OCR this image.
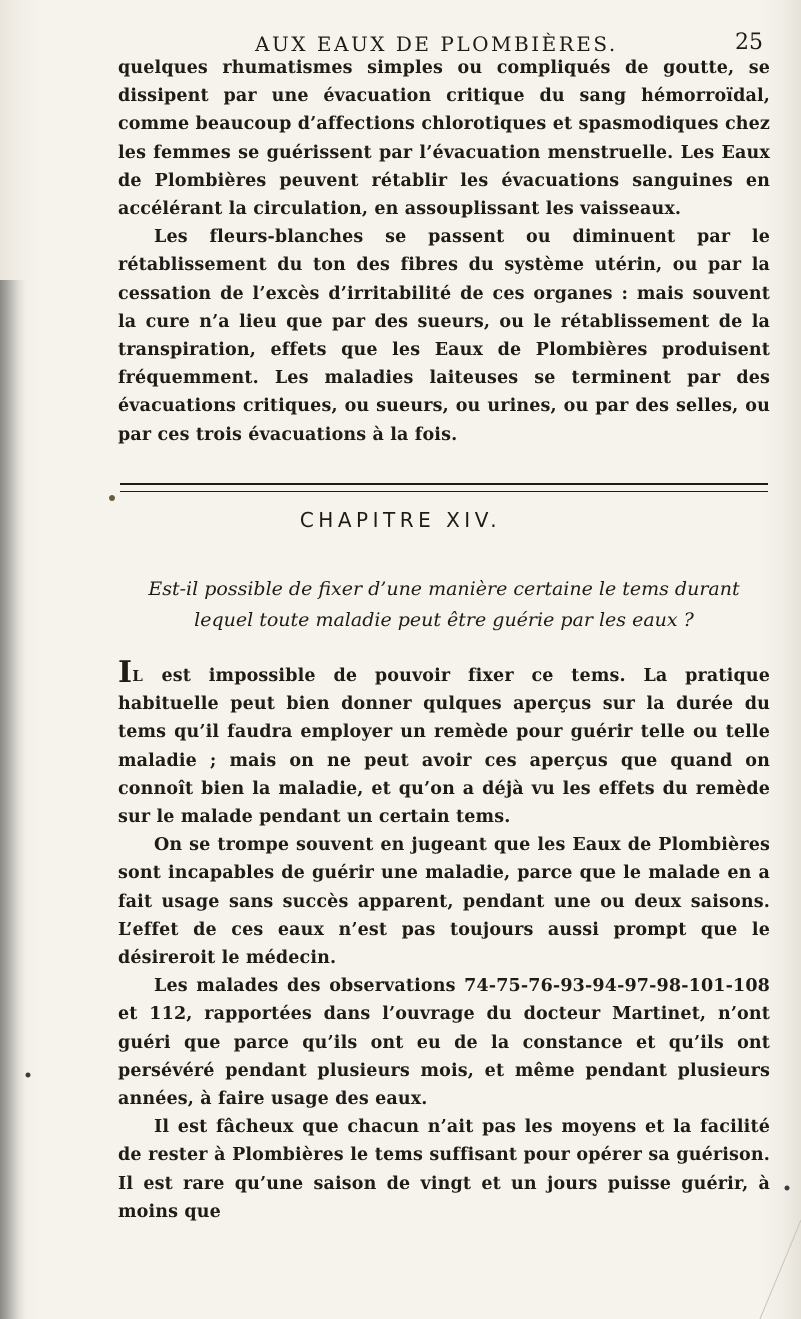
AUX EAUX DE PLOMBIÈRES.	25

quelques rhumatismes simples ou compliqués de goutte, se dissipent par une évacuation critique du sang hémorroïdal, comme beaucoup d’affections chlorotiques et spasmodiques chez les femmes se guérissent par l’évacuation menstruelle. Les Eaux de Plombières peuvent rétablir les évacuations sanguines en accélérant la circulation, en assouplissant les vaisseaux.

Les fleurs-blanches se passent ou diminuent par le rétablissement du ton des fibres du système utérin, ou par la cessation de l’excès d’irritabilité de ces organes : mais souvent la cure n’a lieu que par des sueurs, ou le rétablissement de la transpiration, effets que les Eaux de Plombières produisent fréquemment. Les maladies laiteuses se terminent par des évacuations critiques, ou sueurs, ou urines, ou par des selles, ou par ces trois évacuations à la fois.

CHAPITRE XIV.
Est-il possible de fixer d’une manière certaine le tems durant lequel toute maladie peut être guérie par les eaux ?

IL est impossible de pouvoir fixer ce tems. La pratique habituelle peut bien donner qulques aperçus sur la durée du tems qu’il faudra employer un remède pour guérir telle ou telle maladie ; mais on ne peut avoir ces aperçus que quand on connoît bien la maladie, et qu’on a déjà vu les effets du remède sur le malade pendant un certain tems.

On se trompe souvent en jugeant que les Eaux de Plombières sont incapables de guérir une maladie, parce que le malade en a fait usage sans succès apparent, pendant une ou deux saisons. L’effet de ces eaux n’est pas toujours aussi prompt que le désireroit le médecin.

Les malades des observations 74-75-76-93-94-97-98-101-108 et 112, rapportées dans l’ouvrage du docteur Martinet, n’ont guéri que parce qu’ils ont eu de la constance et qu’ils ont persévéré pendant plusieurs mois, et même pendant plusieurs années, à faire usage des eaux.

Il est fâcheux que chacun n’ait pas les moyens et la facilité de rester à Plombières le tems suffisant pour opérer sa guérison. Il est rare qu’une saison de vingt et un jours puisse guérir, à moins que
